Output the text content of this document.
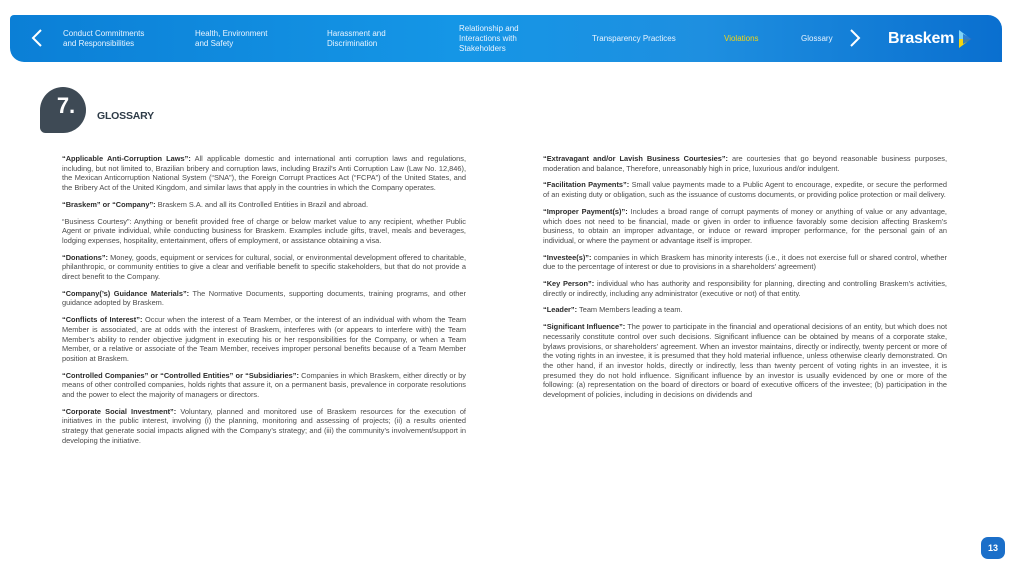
Conduct Commitments
and Responsibilities
Health, Environment
and Safety
Harassment and
Discrimination
Relationship and
Interactions with
Stakeholders
Transparency Practices	Violations	Glossary	Braskem
7. GLOSSARY

“Applicable Anti-Corruption Laws”: All applicable domestic and international anti corruption laws and regulations, including, but not limited to, Brazilian bribery and corruption laws, including Brazil’s Anti Corruption Law (Law No. 12,846), the Mexican Anticorruption National System (“SNA”), the Foreign Corrupt Practices Act (“FCPA”) of the United States, and the Bribery Act of the United Kingdom, and similar laws that apply in the countries in which the Company operates.

“Braskem” or “Company”: Braskem S.A. and all its Controlled Entities in Brazil and abroad.

“Business Courtesy”: Anything or benefit provided free of charge or below market value to any recipient, whether Public Agent or private individual, while conducting business for Braskem. Examples include gifts, travel, meals and beverages, lodging expenses, hospitality, entertainment, offers of employment, or assistance obtaining a visa.

“Donations”: Money, goods, equipment or services for cultural, social, or environmental development offered to charitable, philanthropic, or community entities to give a clear and verifiable benefit to specific stakeholders, but that do not provide a direct benefit to the Company.

“Company(’s) Guidance Materials”: The Normative Documents, supporting documents, training programs, and other guidance adopted by Braskem.

“Conflicts of Interest”: Occur when the interest of a Team Member, or the interest of an individual with whom the Team Member is associated, are at odds with the interest of Braskem, interferes with (or appears to interfere with) the Team Member’s ability to render objective judgment in executing his or her responsibilities for the Company, or when a Team Member, or a relative or associate of the Team Member, receives improper personal benefits because of a Team Member position at Braskem.

“Controlled Companies” or “Controlled Entities” or “Subsidiaries”: Companies in which Braskem, either directly or by means of other controlled companies, holds rights that assure it, on a permanent basis, prevalence in corporate resolutions and the power to elect the majority of managers or directors.

“Corporate Social Investment”: Voluntary, planned and monitored use of Braskem resources for the execution of initiatives in the public interest, involving (i) the planning, monitoring and assessing of projects; (ii) a results oriented strategy that generate social impacts aligned with the Company’s strategy; and (iii) the community’s involvement/support in developing the initiative.

“Extravagant and/or Lavish Business Courtesies”: are courtesies that go beyond reasonable business purposes, moderation and balance, Therefore, unreasonably high in price, luxurious and/or indulgent.

“Facilitation Payments”: Small value payments made to a Public Agent to encourage, expedite, or secure the performed of an existing duty or obligation, such as the issuance of customs documents, or providing police protection or mail delivery.

“Improper Payment(s)”: Includes a broad range of corrupt payments of money or anything of value or any advantage, which does not need to be financial, made or given in order to influence favorably some decision affecting Braskem’s business, to obtain an improper advantage, or induce or reward improper performance, for the personal gain of an individual, or where the payment or advantage itself is improper.

“Investee(s)”: companies in which Braskem has minority interests (i.e., it does not exercise full or shared control, whether due to the percentage of interest or due to provisions in a shareholders’ agreement)

“Key Person”: individual who has authority and responsibility for planning, directing and controlling Braskem’s activities, directly or indirectly, including any administrator (executive or not) of that entity.

“Leader”: Team Members leading a team.

“Significant Influence”: The power to participate in the financial and operational decisions of an entity, but which does not necessarily constitute control over such decisions. Significant influence can be obtained by means of a corporate stake, bylaws provisions, or shareholders’ agreement. When an investor maintains, directly or indirectly, twenty percent or more of the voting rights in an investee, it is presumed that they hold material influence, unless otherwise clearly demonstrated. On the other hand, if an investor holds, directly or indirectly, less than twenty percent of voting rights in an investee, it is presumed they do not hold influence. Significant influence by an investor is usually evidenced by one or more of the following: (a) representation on the board of directors or board of executive officers of the investee; (b) participation in the development of policies, including in decisions on dividends and

13
